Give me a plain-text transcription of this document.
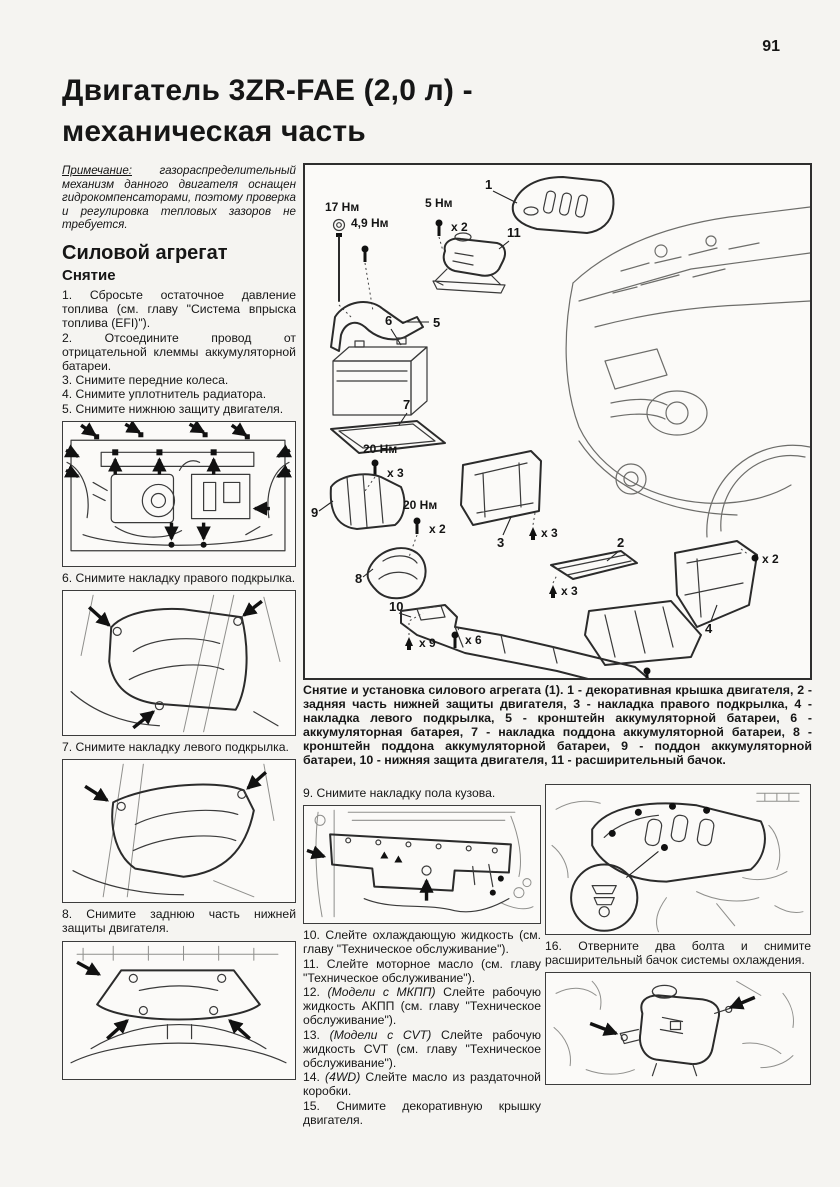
91
Двигатель 3ZR-FAE (2,0 л) - механическая часть

Примечание: газораспределительный механизм данного двигателя оснащен гидрокомпенсаторами, поэтому проверка и регулировка тепловых зазоров не требуется.

Силовой агрегат
Снятие

1. Сбросьте остаточное давление топлива (см. главу "Система впрыска топлива (EFI)").

2. Отсоедините провод от отрицательной клеммы аккумуляторной батареи.

3. Снимите передние колеса.

4. Снимите уплотнитель радиатора.

5. Снимите нижнюю защиту двигателя.

6. Снимите накладку правого подкрылка.

7. Снимите накладку левого подкрылка.

8. Снимите заднюю часть нижней защиты двигателя.

17 Нм
4,9 Нм
5
6
7
20 Нм
x 3
9	20 Нм
x 2
8
3
x 3
10
x 9 x 6
2
x 3
4
x 2
1
5 Нм
x 2	11

Снятие и установка силового агрегата (1). 1 - декоративная крышка двигателя, 2 - задняя часть нижней защиты двигателя, 3 - накладка правого подкрылка, 4 - накладка левого подкрылка, 5 - кронштейн аккумуляторной батареи, 6 - аккумуляторная батарея, 7 - накладка поддона аккумуляторной батареи, 8 - кронштейн поддона аккумуляторной батареи, 9 - поддон аккумуляторной батареи, 10 - нижняя защита двигателя, 11 - расширительный бачок.

9. Снимите накладку пола кузова.

10. Слейте охлаждающую жидкость (см. главу "Техническое обслуживание").

11. Слейте моторное масло (см. главу "Техническое обслуживание").

12. (Модели с МКПП) Слейте рабочую жидкость АКПП (см. главу "Техническое обслуживание").

13. (Модели с CVT) Слейте рабочую жидкость CVT (см. главу "Техническое обслуживание").

14. (4WD) Слейте масло из раздаточной коробки.

15. Снимите декоративную крышку двигателя.

16. Отверните два болта и снимите расширительный бачок системы охлаждения.
